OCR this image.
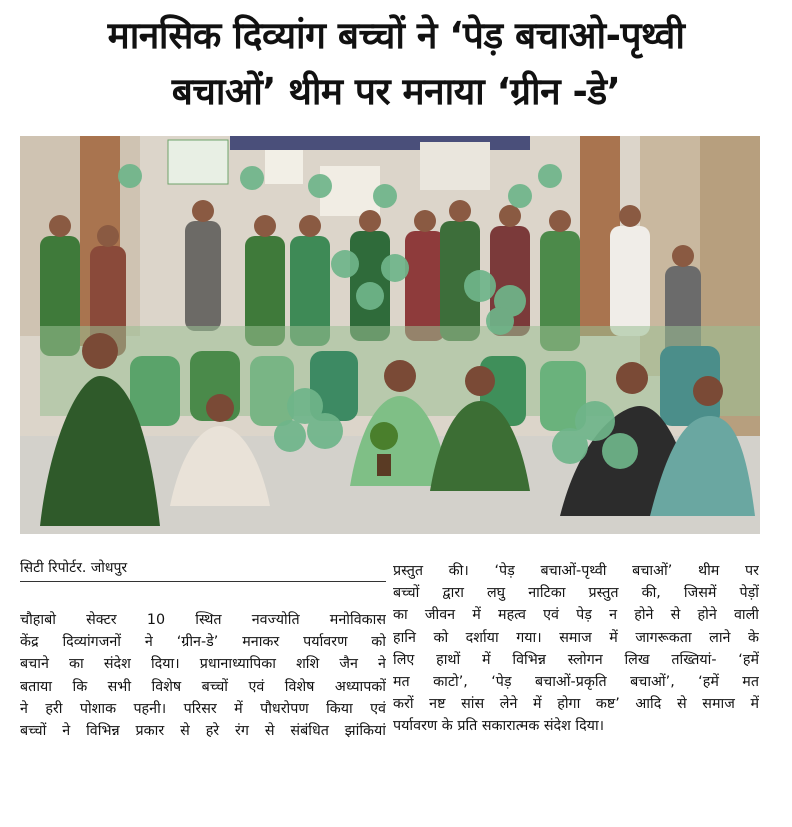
मानसिक दिव्यांग बच्चों ने ‘पेड़ बचाओ-पृथ्वी
बचाओं’ थीम पर मनाया ‘ग्रीन -डे’
सिटी रिपोर्टर. जोधपुर
चौहाबो सेक्टर 10 स्थित नवज्योति मनोविकास
केंद्र दिव्यांगजनों ने ‘ग्रीन-डे’ मनाकर पर्यावरण को
बचाने का संदेश दिया। प्रधानाध्यापिका शशि जैन ने
बताया कि सभी विशेष बच्चों एवं विशेष अध्यापकों
ने हरी पोशाक पहनी। परिसर में पौधरोपण किया एवं
बच्चों ने विभिन्न प्रकार से हरे रंग से संबंधित झांकियां
प्रस्तुत की। ‘पेड़ बचाओं-पृथ्वी बचाओं’ थीम पर
बच्चों द्वारा लघु नाटिका प्रस्तुत की, जिसमें पेड़ों
का जीवन में महत्व एवं पेड़ न होने से होने वाली
हानि को दर्शाया गया। समाज में जागरूकता लाने के
लिए हाथों में विभिन्न स्लोगन लिख तख्तियां- ‘हमें
मत काटो’, ‘पेड़ बचाओं-प्रकृति बचाओं’, ‘हमें मत
करों नष्ट सांस लेने में होगा कष्ट’ आदि से समाज में
पर्यावरण के प्रति सकारात्मक संदेश दिया।
